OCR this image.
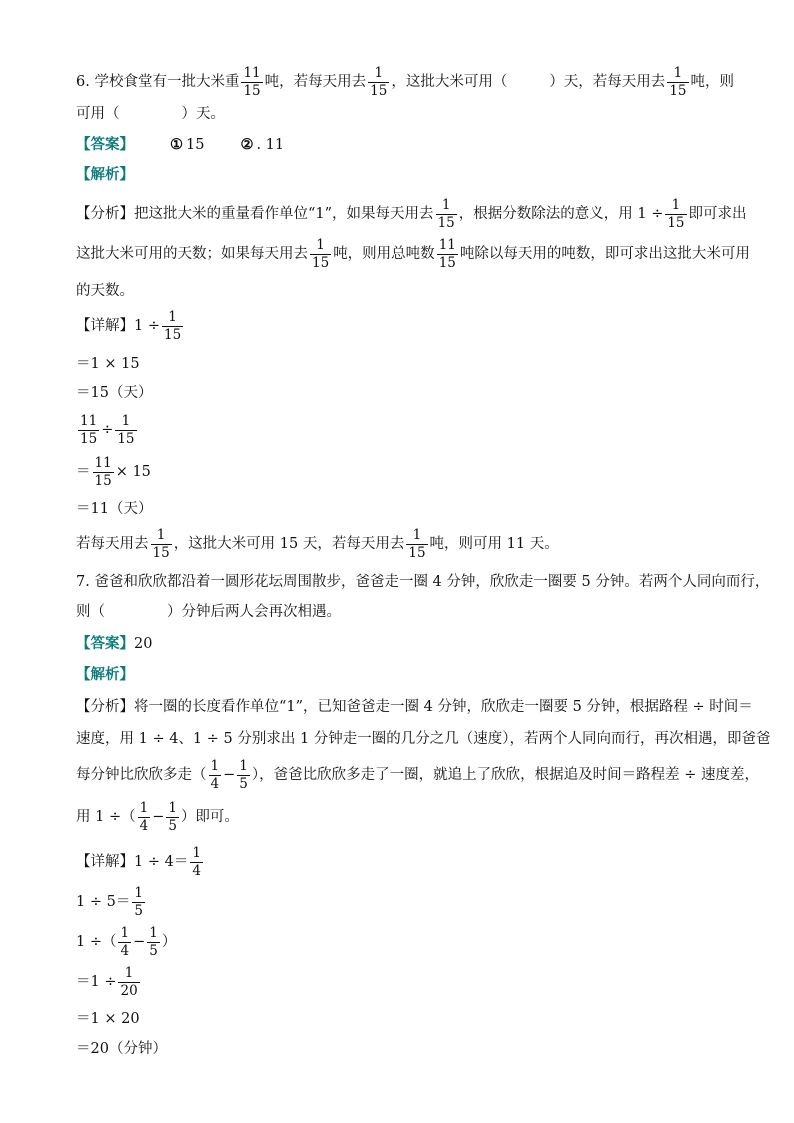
6. 学校食堂有一批大米重 $\frac{11}{15}$ 吨，若每天用去 $\frac{1}{15}$ ，这批大米可用（	）天，若每天用去 $\frac{1}{15}$ 吨，则
可用（	）天。
【答案】 ① 15 ② . 11
【解析】
【分析】 把这批大米的重量看作单位“1”，如果每天用去 $\frac{1}{15}$ ，根据分数除法的意义，用 $1 \div \frac{1}{15}$ 即可求出
这批大米可用的天数；如果每天用去 $\frac{1}{15}$ 吨，则用总吨数 $\frac{11}{15}$ 吨除以每天用的吨数，即可求出这批大米可用
的天数。
【详解】 $1 \div \frac{1}{15}$
＝1 × 15
＝15（天）
$\frac{11}{15} \div \frac{1}{15}$
＝ $\frac{11}{15} \times 15$
＝11（天）
若每天用去 $\frac{1}{15}$ ，这批大米可用 15 天，若每天用去 $\frac{1}{15}$ 吨，则可用 11 天。
7. 爸爸和欣欣都沿着一圆形花坛周围散步，爸爸走一圈 4 分钟，欣欣走一圈要 5 分钟。若两个人同向而行，
则（	）分钟后两人会再次相遇。
【答案】 20
【解析】
【分析】 将一圈的长度看作单位“1”，已知爸爸走一圈 4 分钟，欣欣走一圈要 5 分钟，根据路程 ÷ 时间＝
速度，用 1 ÷ 4、1 ÷ 5 分别求出 1 分钟走一圈的几分之几（速度），若两个人同向而行，再次相遇，即爸爸
每分钟比欣欣多走（ $\frac{1}{4} - \frac{1}{5}$ ），爸爸比欣欣多走了一圈，就追上了欣欣，根据追及时间＝路程差 ÷ 速度差，
用 1 ÷（ $\frac{1}{4} - \frac{1}{5}$ ）即可。
【详解】 $1 \div 4= \frac{1}{4}$
$1 \div 5= \frac{1}{5}$
1 ÷（ $\frac{1}{4} - \frac{1}{5}$ ）
$=1 \div \frac{1}{20}$
＝1 × 20
＝20（分钟）
